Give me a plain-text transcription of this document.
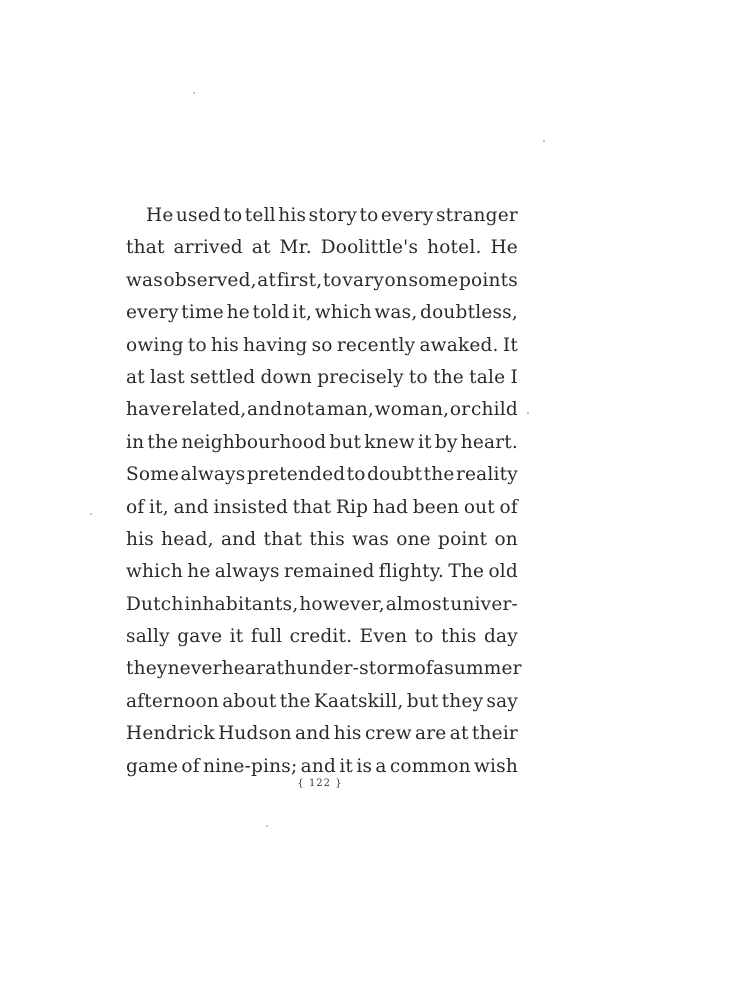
He used to tell his story to every stranger
that arrived at Mr. Doolittle's hotel. He
was observed, at first, to vary on some points
every time he told it, which was, doubtless,
owing to his having so recently awaked. It
at last settled down precisely to the tale I
have related, and not a man, woman, or child
in the neighbourhood but knew it by heart.
Some always pretended to doubt the reality
of it, and insisted that Rip had been out of
his head, and that this was one point on
which he always remained flighty. The old
Dutch inhabitants, however, almost univer-
sally gave it full credit. Even to this day
they never hear a thunder-storm of a summer
afternoon about the Kaatskill, but they say
Hendrick Hudson and his crew are at their
game of nine-pins; and it is a common wish
{ 122 }
